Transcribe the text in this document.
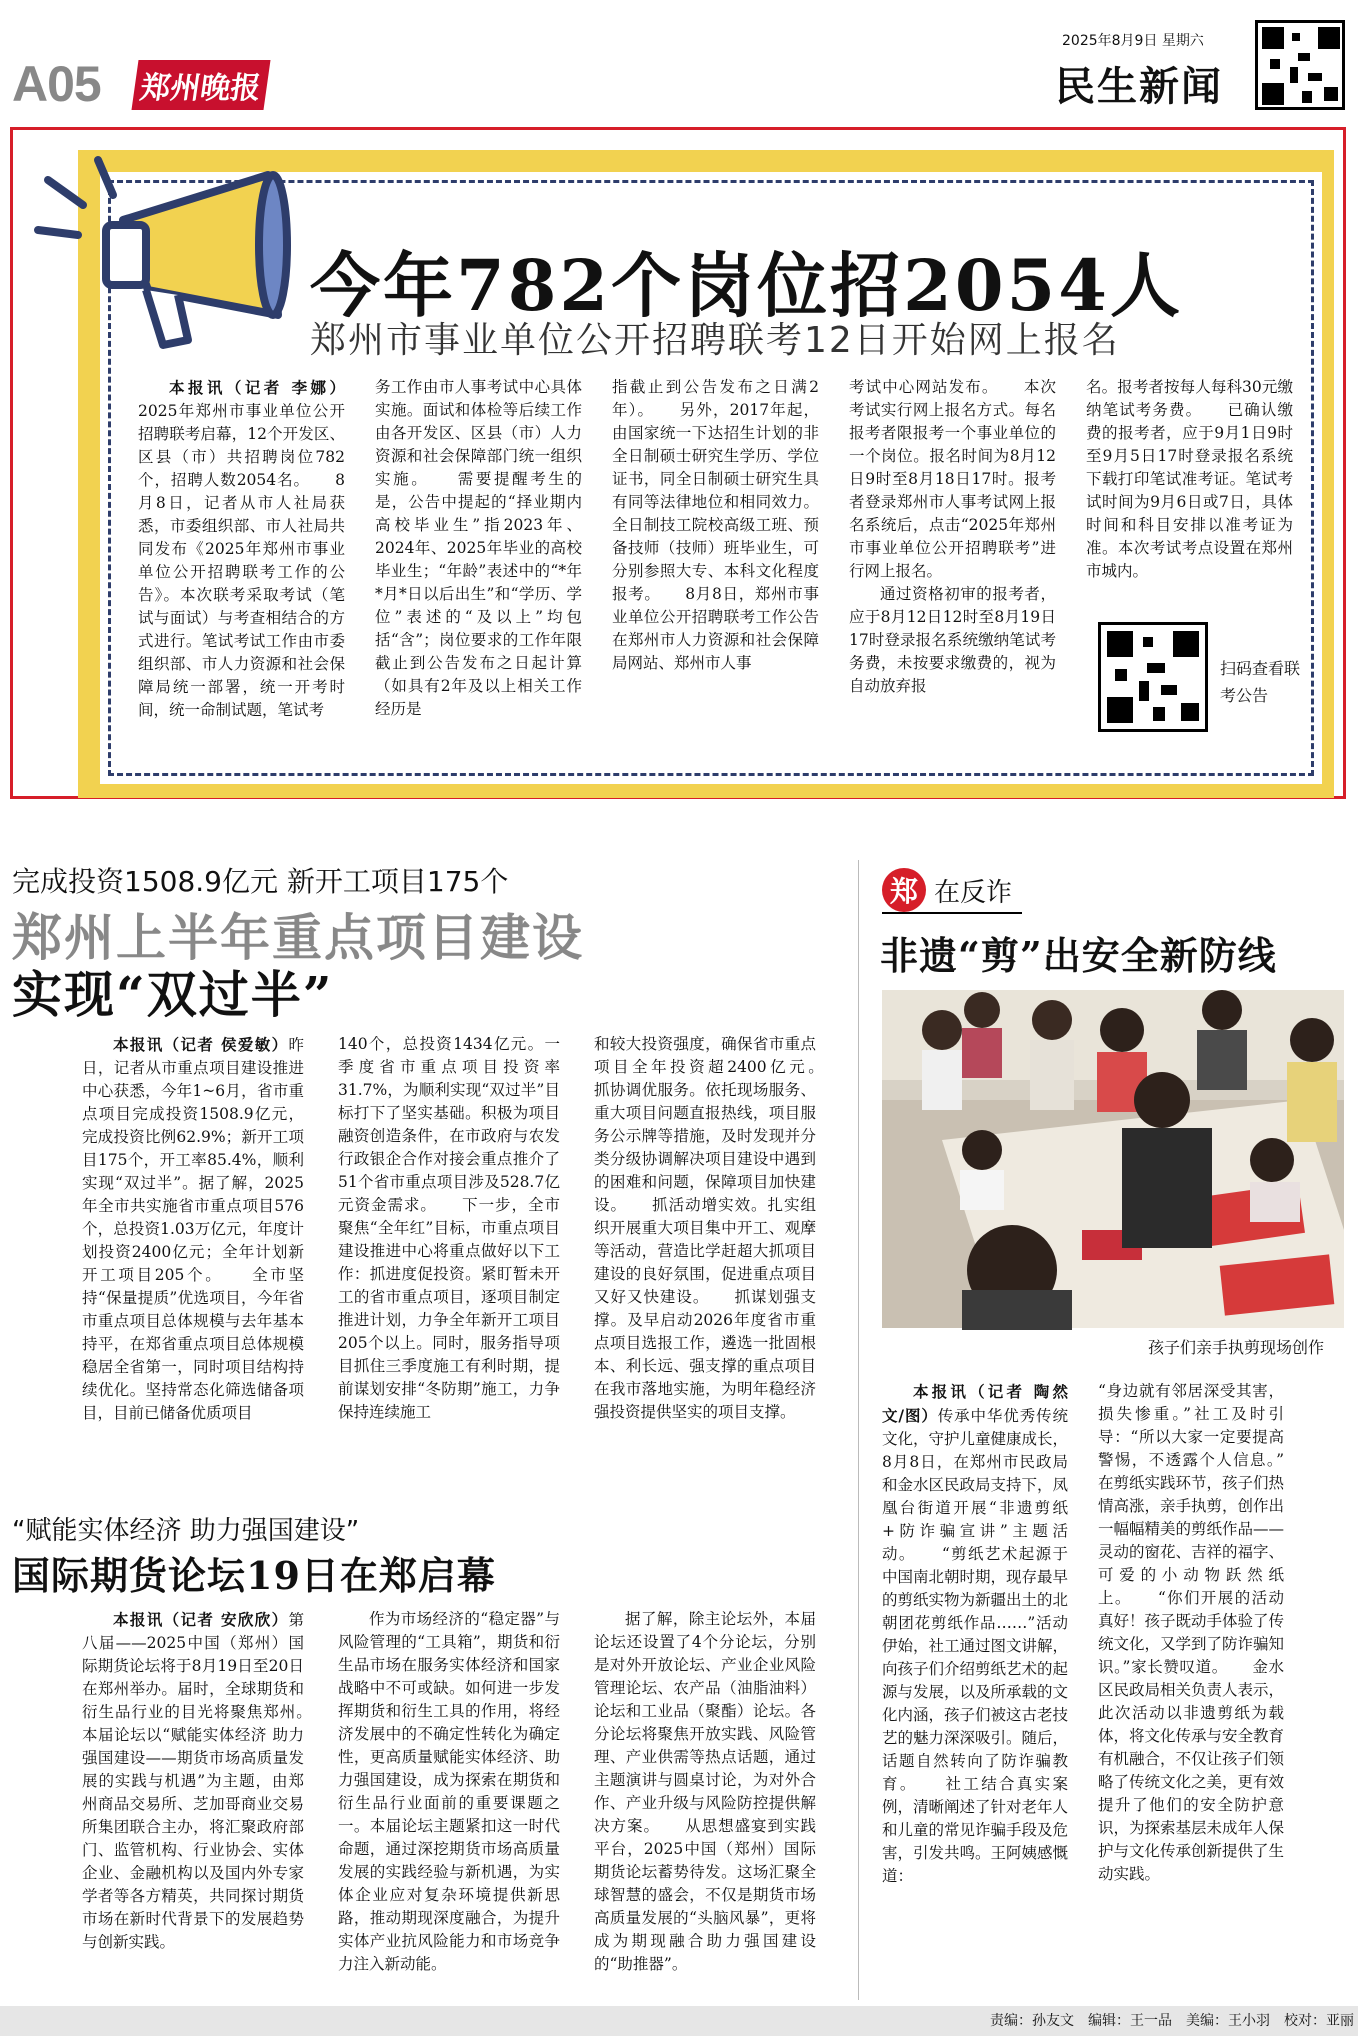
A05 郑州晚报
2025年8月9日 星期六
民生新闻
今年782个岗位招2054人
郑州市事业单位公开招聘联考12日开始网上报名

本报讯（记者 李娜）2025年郑州市事业单位公开招聘联考启幕，12个开发区、区县（市）共招聘岗位782个，招聘人数2054名。　　8月8日，记者从市人社局获悉，市委组织部、市人社局共同发布《2025年郑州市事业单位公开招聘联考工作的公告》。本次联考采取考试（笔试与面试）与考查相结合的方式进行。笔试考试工作由市委组织部、市人力资源和社会保障局统一部署，统一开考时间，统一命制试题，笔试考

务工作由市人事考试中心具体实施。面试和体检等后续工作由各开发区、区县（市）人力资源和社会保障部门统一组织实施。　　需要提醒考生的是，公告中提起的“择业期内高校毕业生”指2023年、2024年、2025年毕业的高校毕业生；“年龄”表述中的“*年*月*日以后出生”和“学历、学位”表述的“及以上”均包括“含”；岗位要求的工作年限截止到公告发布之日起计算（如具有2年及以上相关工作经历是

指截止到公告发布之日满2年）。　　另外，2017年起，由国家统一下达招生计划的非全日制硕士研究生学历、学位证书，同全日制硕士研究生具有同等法律地位和相同效力。全日制技工院校高级工班、预备技师（技师）班毕业生，可分别参照大专、本科文化程度报考。　　8月8日，郑州市事业单位公开招聘联考工作公告在郑州市人力资源和社会保障局网站、郑州市人事

考试中心网站发布。　　本次考试实行网上报名方式。每名报考者限报考一个事业单位的一个岗位。报名时间为8月12日9时至8月18日17时。报考者登录郑州市人事考试网上报名系统后，点击“2025年郑州市事业单位公开招聘联考”进行网上报名。

通过资格初审的报考者，应于8月12日12时至8月19日17时登录报名系统缴纳笔试考务费，未按要求缴费的，视为自动放弃报

名。报考者按每人每科30元缴纳笔试考务费。　　已确认缴费的报考者，应于9月1日9时至9月5日17时登录报名系统下载打印笔试准考证。笔试考试时间为9月6日或7日，具体时间和科目安排以准考证为准。本次考试考点设置在郑州市城内。

扫码查看联考公告
完成投资1508.9亿元 新开工项目175个
郑州上半年重点项目建设
实现“双过半”

本报讯（记者 侯爱敏）昨日，记者从市重点项目建设推进中心获悉，今年1~6月，省市重点项目完成投资1508.9亿元，完成投资比例62.9%；新开工项目175个，开工率85.4%，顺利实现“双过半”。据了解，2025年全市共实施省市重点项目576个，总投资1.03万亿元，年度计划投资2400亿元；全年计划新开工项目205个。　　全市坚持“保量提质”优选项目，今年省市重点项目总体规模与去年基本持平，在郑省重点项目总体规模稳居全省第一，同时项目结构持续优化。坚持常态化筛选储备项目，目前已储备优质项目

140个，总投资1434亿元。一季度省市重点项目投资率31.7%，为顺利实现“双过半”目标打下了坚实基础。积极为项目融资创造条件，在市政府与农发行政银企合作对接会重点推介了51个省市重点项目涉及528.7亿元资金需求。　　下一步，全市聚焦“全年红”目标，市重点项目建设推进中心将重点做好以下工作：抓进度促投资。紧盯暂未开工的省市重点项目，逐项目制定推进计划，力争全年新开工项目205个以上。同时，服务指导项目抓住三季度施工有利时期，提前谋划安排“冬防期”施工，力争保持连续施工

和较大投资强度，确保省市重点项目全年投资超2400亿元。　　抓协调优服务。依托现场服务、重大项目问题直报热线，项目服务公示牌等措施，及时发现并分类分级协调解决项目建设中遇到的困难和问题，保障项目加快建设。　　抓活动增实效。扎实组织开展重大项目集中开工、观摩等活动，营造比学赶超大抓项目建设的良好氛围，促进重点项目又好又快建设。　　抓谋划强支撑。及早启动2026年度省市重点项目选报工作，遴选一批固根本、利长远、强支撑的重点项目在我市落地实施，为明年稳经济强投资提供坚实的项目支撑。

“赋能实体经济 助力强国建设”
国际期货论坛19日在郑启幕

本报讯（记者 安欣欣）第八届——2025中国（郑州）国际期货论坛将于8月19日至20日在郑州举办。届时，全球期货和衍生品行业的目光将聚焦郑州。　　本届论坛以“赋能实体经济 助力强国建设——期货市场高质量发展的实践与机遇”为主题，由郑州商品交易所、芝加哥商业交易所集团联合主办，将汇聚政府部门、监管机构、行业协会、实体企业、金融机构以及国内外专家学者等各方精英，共同探讨期货市场在新时代背景下的发展趋势与创新实践。

作为市场经济的“稳定器”与风险管理的“工具箱”，期货和衍生品市场在服务实体经济和国家战略中不可或缺。如何进一步发挥期货和衍生工具的作用，将经济发展中的不确定性转化为确定性，更高质量赋能实体经济、助力强国建设，成为探索在期货和衍生品行业面前的重要课题之一。本届论坛主题紧扣这一时代命题，通过深挖期货市场高质量发展的实践经验与新机遇，为实体企业应对复杂环境提供新思路，推动期现深度融合，为提升实体产业抗风险能力和市场竞争力注入新动能。

据了解，除主论坛外，本届论坛还设置了4个分论坛，分别是对外开放论坛、产业企业风险管理论坛、农产品（油脂油料）论坛和工业品（聚酯）论坛。各分论坛将聚焦开放实践、风险管理、产业供需等热点话题，通过主题演讲与圆桌讨论，为对外合作、产业升级与风险防控提供解决方案。　　从思想盛宴到实践平台，2025中国（郑州）国际期货论坛蓄势待发。这场汇聚全球智慧的盛会，不仅是期货市场高质量发展的“头脑风暴”，更将成为期现融合助力强国建设的“助推器”。

郑 在反诈
非遗“剪”出安全新防线
孩子们亲手执剪现场创作

本报讯（记者 陶然 文/图）传承中华优秀传统文化，守护儿童健康成长，8月8日，在郑州市民政局和金水区民政局支持下，凤凰台街道开展“非遗剪纸+防诈骗宣讲”主题活动。　　“剪纸艺术起源于中国南北朝时期，现存最早的剪纸实物为新疆出土的北朝团花剪纸作品……”活动伊始，社工通过图文讲解，向孩子们介绍剪纸艺术的起源与发展，以及所承载的文化内涵，孩子们被这古老技艺的魅力深深吸引。随后，话题自然转向了防诈骗教育。　　社工结合真实案例，清晰阐述了针对老年人和儿童的常见诈骗手段及危害，引发共鸣。王阿姨感慨道：

“身边就有邻居深受其害，损失惨重。”社工及时引导：“所以大家一定要提高警惕，不透露个人信息。”　　在剪纸实践环节，孩子们热情高涨，亲手执剪，创作出一幅幅精美的剪纸作品——灵动的窗花、吉祥的福字、可爱的小动物跃然纸上。　　“你们开展的活动真好！孩子既动手体验了传统文化，又学到了防诈骗知识。”家长赞叹道。　　金水区民政局相关负责人表示，此次活动以非遗剪纸为载体，将文化传承与安全教育有机融合，不仅让孩子们领略了传统文化之美，更有效提升了他们的安全防护意识，为探索基层未成年人保护与文化传承创新提供了生动实践。

责编：孙友文　编辑：王一品　美编：王小羽　校对：亚丽
